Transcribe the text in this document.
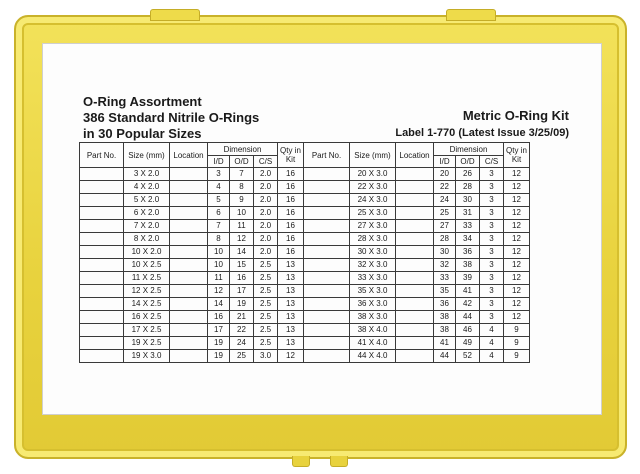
O-Ring Assortment
386 Standard Nitrile O-Rings
in 30 Popular Sizes
Metric O-Ring Kit
Label 1-770 (Latest Issue 3/25/09)
Part No.	Size (mm)	Location	Dimension			Qty in Kit	Part No.	Size (mm)	Location	Dimension			Qty in Kit
			I/D	O/D	C/S					I/D	O/D	C/S	
	3 X 2.0		3	7	2.0	16		20 X 3.0		20	26	3	12
	4 X 2.0		4	8	2.0	16		22 X 3.0		22	28	3	12
	5 X 2.0		5	9	2.0	16		24 X 3.0		24	30	3	12
	6 X 2.0		6	10	2.0	16		25 X 3.0		25	31	3	12
	7 X 2.0		7	11	2.0	16		27 X 3.0		27	33	3	12
	8 X 2.0		8	12	2.0	16		28 X 3.0		28	34	3	12
	10 X 2.0		10	14	2.0	16		30 X 3.0		30	36	3	12
	10 X 2.5		10	15	2.5	13		32 X 3.0		32	38	3	12
	11 X 2.5		11	16	2.5	13		33 X 3.0		33	39	3	12
	12 X 2.5		12	17	2.5	13		35 X 3.0		35	41	3	12
	14 X 2.5		14	19	2.5	13		36 X 3.0		36	42	3	12
	16 X 2.5		16	21	2.5	13		38 X 3.0		38	44	3	12
	17 X 2.5		17	22	2.5	13		38 X 4.0		38	46	4	9
	19 X 2.5		19	24	2.5	13		41 X 4.0		41	49	4	9
	19 X 3.0		19	25	3.0	12		44 X 4.0		44	52	4	9
